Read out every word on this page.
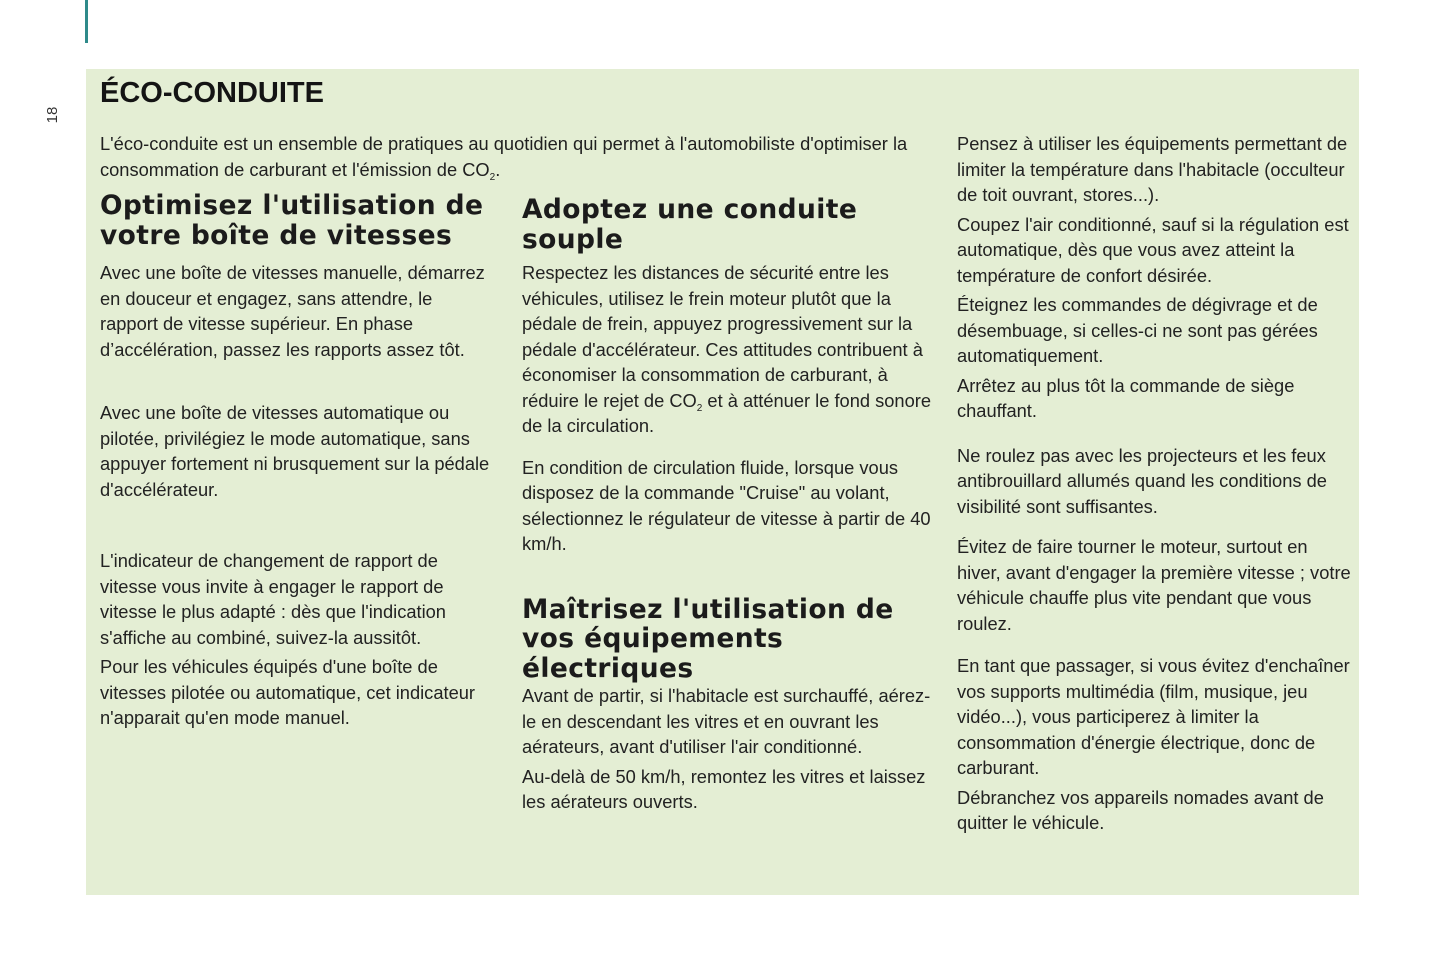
18
ÉCO-CONDUITE

L'éco-conduite est un ensemble de pratiques au quotidien qui permet à l'automobiliste d'optimiser la consommation de carburant et l'émission de $CO_2$.

Optimisez l'utilisation de votre boîte de vitesses

Avec une boîte de vitesses manuelle, démarrez en douceur et engagez, sans attendre, le rapport de vitesse supérieur. En phase d’accélération, passez les rapports assez tôt.

Avec une boîte de vitesses automatique ou pilotée, privilégiez le mode automatique, sans appuyer fortement ni brusquement sur la pédale d'accélérateur.

L'indicateur de changement de rapport de vitesse vous invite à engager le rapport de vitesse le plus adapté : dès que l'indication s'affiche au combiné, suivez-la aussitôt.

Pour les véhicules équipés d'une boîte de vitesses pilotée ou automatique, cet indicateur n'apparait qu'en mode manuel.

Adoptez une conduite souple

Respectez les distances de sécurité entre les véhicules, utilisez le frein moteur plutôt que la pédale de frein, appuyez progressivement sur la pédale d'accélérateur. Ces attitudes contribuent à économiser la consommation de carburant, à réduire le rejet de $CO_2$ et à atténuer le fond sonore de la circulation.

En condition de circulation fluide, lorsque vous disposez de la commande "Cruise" au volant, sélectionnez le régulateur de vitesse à partir de 40 km/h.

Maîtrisez l'utilisation de vos équipements électriques

Avant de partir, si l'habitacle est surchauffé, aérez-le en descendant les vitres et en ouvrant les aérateurs, avant d'utiliser l'air conditionné.

Au-delà de 50 km/h, remontez les vitres et laissez les aérateurs ouverts.

Pensez à utiliser les équipements permettant de limiter la température dans l'habitacle (occulteur de toit ouvrant, stores...).

Coupez l'air conditionné, sauf si la régulation est automatique, dès que vous avez atteint la température de confort désirée.

Éteignez les commandes de dégivrage et de désembuage, si celles-ci ne sont pas gérées automatiquement.

Arrêtez au plus tôt la commande de siège chauffant.

Ne roulez pas avec les projecteurs et les feux antibrouillard allumés quand les conditions de visibilité sont suffisantes.

Évitez de faire tourner le moteur, surtout en hiver, avant d'engager la première vitesse ; votre véhicule chauffe plus vite pendant que vous roulez.

En tant que passager, si vous évitez d'enchaîner vos supports multimédia (film, musique, jeu vidéo...), vous participerez à limiter la consommation d'énergie électrique, donc de carburant.

Débranchez vos appareils nomades avant de quitter le véhicule.
